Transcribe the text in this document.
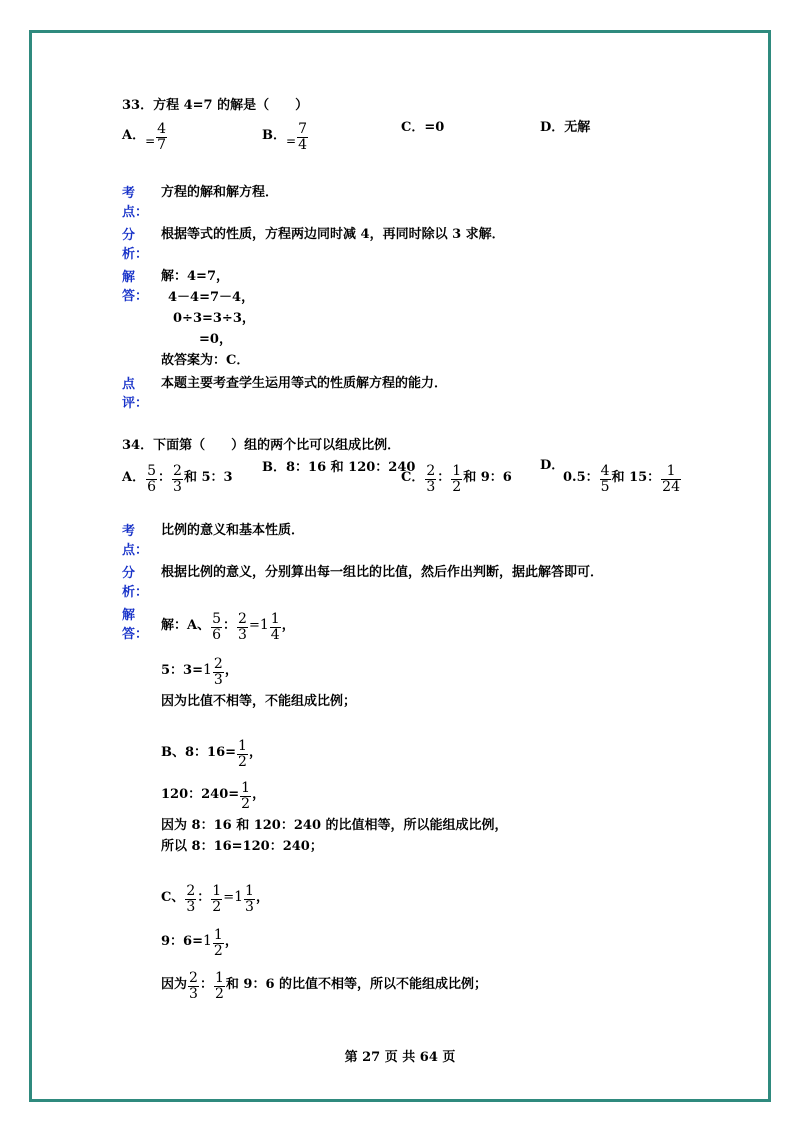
33．方程 4=7 的解是（　　）
A．= $\frac{4}{7}$	B．= $\frac{7}{4}$	C．=0	D．无解
考
点：
方程的解和解方程．
分
析：
根据等式的性质，方程两边同时减 4，再同时除以 3 求解．
解
答：
解：4=7，
4－4=7－4，
0÷3=3÷3，
=0，
故答案为：C．
点
评：
本题主要考查学生运用等式的性质解方程的能力．
34．下面第（　　）组的两个比可以组成比例．
A． $\frac{5}{6}$ ： $\frac{2}{3}$ 和 5：3
B．8：16 和 120：240
C． $\frac{2}{3}$ ： $\frac{1}{2}$ 和 9：6
D．
0.5： $\frac{4}{5}$ 和 15： $\frac{1}{24}$
考
点：
比例的意义和基本性质．
分
析：
根据比例的意义，分别算出每一组比的比值，然后作出判断，据此解答即可．
解
答：
解：A、 $\frac{5}{6}$ ： $\frac{2}{3} =1 \frac{1}{4}$ ，
5：$3=1 \frac{2}{3}$ ，
因为比值不相等，不能组成比例；
B、8：$16= \frac{1}{2}$ ，
120：$240= \frac{1}{2}$ ，
因为 8：16 和 120：240 的比值相等，所以能组成比例，
所以 8：16=120：240；
C、 $\frac{2}{3}$ ： $\frac{1}{2} =1 \frac{1}{3}$ ，
9：$6=1 \frac{1}{2}$ ，
因为 $\frac{2}{3}$ ： $\frac{1}{2}$ 和 9：6 的比值不相等，所以不能组成比例；
第 27 页 共 64 页
